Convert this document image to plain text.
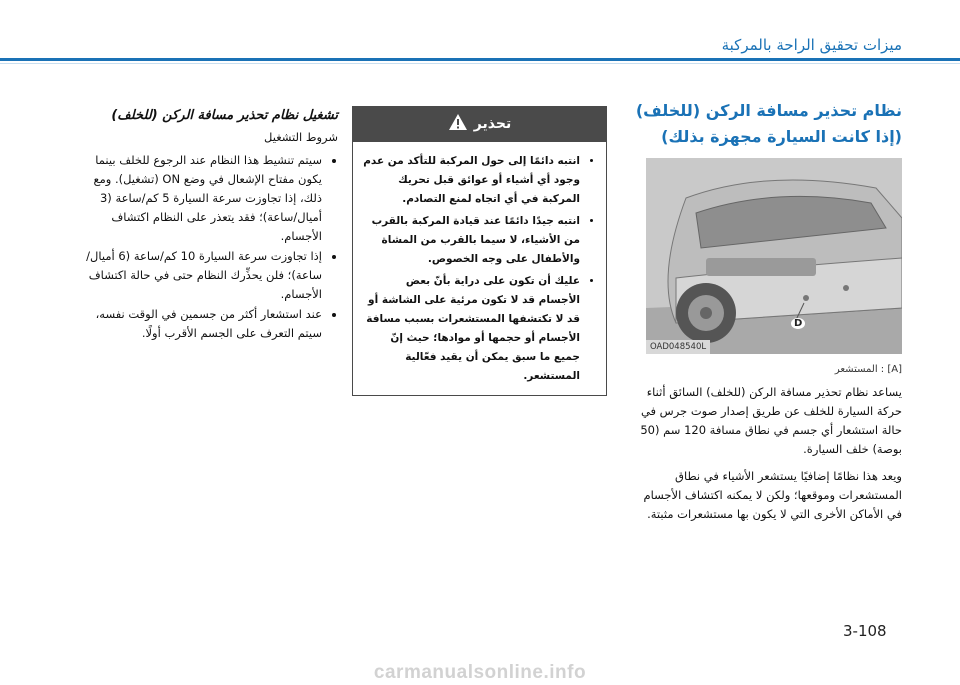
ميزات تحقيق الراحة بالمركبة
نظام تحذير مسافة الركن (للخلف)
(إذا كانت السيارة مجهزة بذلك)
D
OAD048540L
[A] : المستشعر

يساعد نظام تحذير مسافة الركن (للخلف) السائق أثناء حركة السيارة للخلف عن طريق إصدار صوت جرس في حالة استشعار أي جسم في نطاق مسافة 120 سم (50 بوصة) خلف السيارة.

ويعد هذا نظامًا إضافيًا يستشعر الأشياء في نطاق المستشعرات وموقعها؛ ولكن لا يمكنه اكتشاف الأجسام في الأماكن الأخرى التي لا يكون بها مستشعرات مثبتة.

تحذير
• انتبه دائمًا إلى حول المركبة للتأكد من عدم وجود أي أشياء أو عوائق قبل تحريك المركبة في أي اتجاه لمنع التصادم.
• انتبه جيدًا دائمًا عند قيادة المركبة بالقرب من الأشياء، لا سيما بالقرب من المشاة والأطفال على وجه الخصوص.
• عليك أن تكون على دراية بأنّ بعض الأجسام قد لا تكون مرئية على الشاشة أو قد لا تكتشفها المستشعرات بسبب مسافة الأجسام أو حجمها أو موادها؛ حيث إنّ جميع ما سبق يمكن أن يقيد فعّالية المستشعر.
تشغيل نظام تحذير مسافة الركن (للخلف)
شروط التشغيل
• سيتم تنشيط هذا النظام عند الرجوع للخلف بينما يكون مفتاح الإشعال في وضع ON (تشغيل). ومع ذلك، إذا تجاوزت سرعة السيارة 5 كم/ساعة (3 أميال/ساعة)؛ فقد يتعذر على النظام اكتشاف الأجسام.
• إذا تجاوزت سرعة السيارة 10 كم/ساعة (6 أميال/ساعة)؛ فلن يحذِّرك النظام حتى في حالة اكتشاف الأجسام.
• عند استشعار أكثر من جسمين في الوقت نفسه، سيتم التعرف على الجسم الأقرب أولًا.
3-108
carmanualsonline.info
